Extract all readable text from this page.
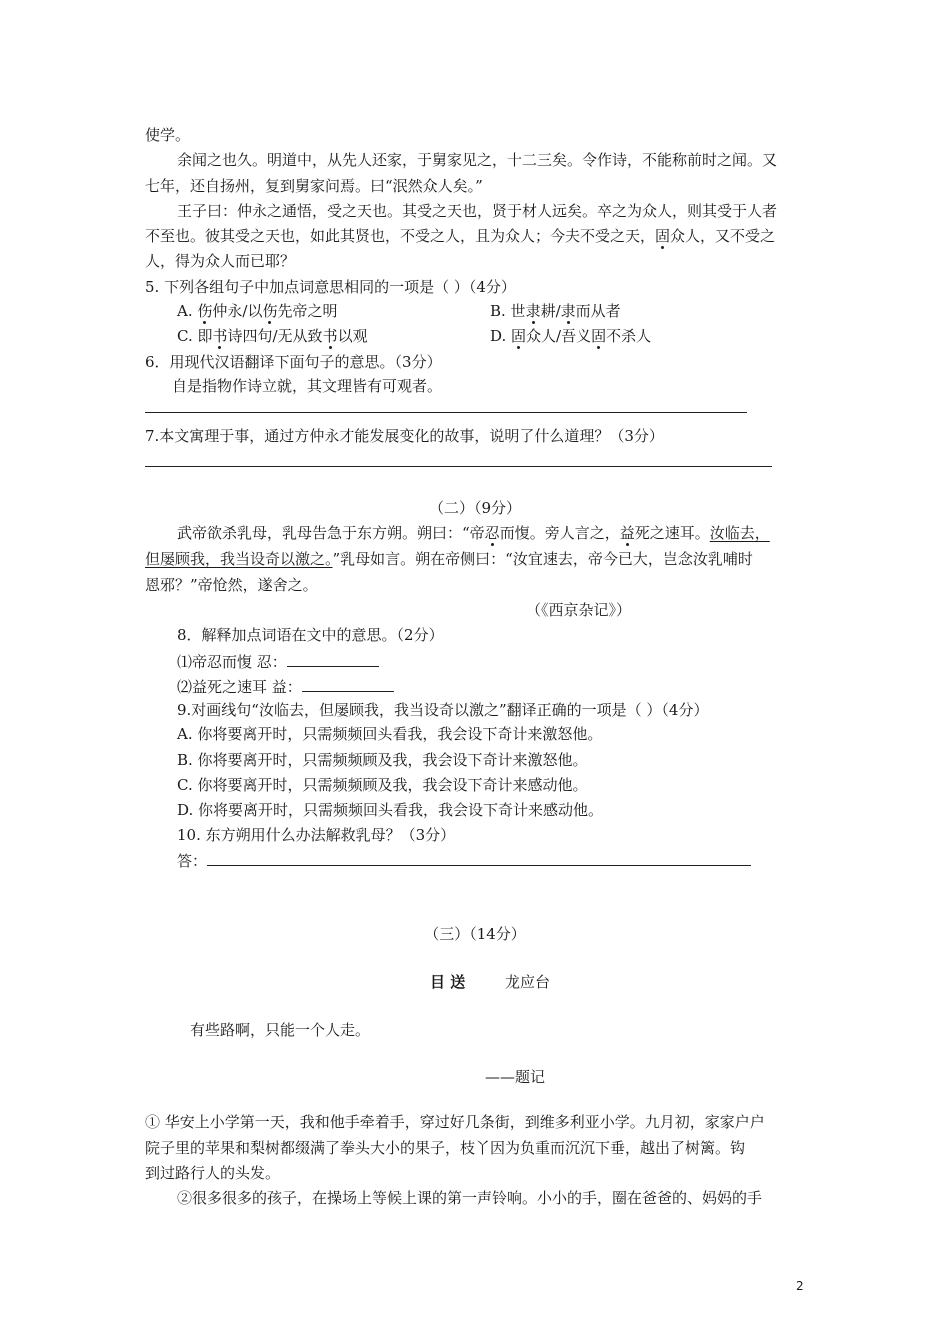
使学。
余闻之也久。明道中，从先人还家，于舅家见之，十二三矣。令作诗，不能称前时之闻。又
七年，还自扬州，复到舅家问焉。曰“泯然众人矣。”
王子曰：仲永之通悟，受之天也。其受之天也，贤于材人远矣。卒之为众人，则其受于人者
不至也。彼其受之天也，如此其贤也，不受之人，且为众人；今夫不受之天，固众人，又不受之
人，得为众人而已耶？
5. 下列各组句子中加点词意思相同的一项是（ ）（4分）
A. 伤仲永/以伤先帝之明	B. 世隶耕/隶而从者
C. 即书诗四句/无从致书以观	D. 固众人/吾义固不杀人
6．用现代汉语翻译下面句子的意思。（3分）
自是指物作诗立就，其文理皆有可观者。
7.本文寓理于事，通过方仲永才能发展变化的故事，说明了什么道理？（3分）
（二）（9分）
武帝欲杀乳母，乳母告急于东方朔。朔曰：“帝忍而愎。旁人言之，益死之速耳。汝临去，
但屡顾我，我当设奇以激之。”乳母如言。朔在帝侧曰：“汝宜速去，帝今已大，岂念汝乳哺时
恩邪？”帝怆然，遂舍之。
（《西京杂记》）
8．解释加点词语在文中的意思。（2分）
⑴帝忍而愎 忍：
⑵益死之速耳 益：
9.对画线句“汝临去，但屡顾我，我当设奇以激之”翻译正确的一项是（ ）（4分）
A. 你将要离开时，只需频频回头看我，我会设下奇计来激怒他。
B. 你将要离开时，只需频频顾及我，我会设下奇计来激怒他。
C. 你将要离开时，只需频频顾及我，我会设下奇计来感动他。
D. 你将要离开时，只需频频回头看我，我会设下奇计来感动他。
10. 东方朔用什么办法解救乳母？（3分）
答：
（三）（14分）
目 送	龙应台
有些路啊，只能一个人走。
——题记
① 华安上小学第一天，我和他手牵着手，穿过好几条街，到维多利亚小学。九月初，家家户户
院子里的苹果和梨树都缀满了拳头大小的果子，枝丫因为负重而沉沉下垂，越出了树篱。钩
到过路行人的头发。
②很多很多的孩子，在操场上等候上课的第一声铃响。小小的手，圈在爸爸的、妈妈的手
2
